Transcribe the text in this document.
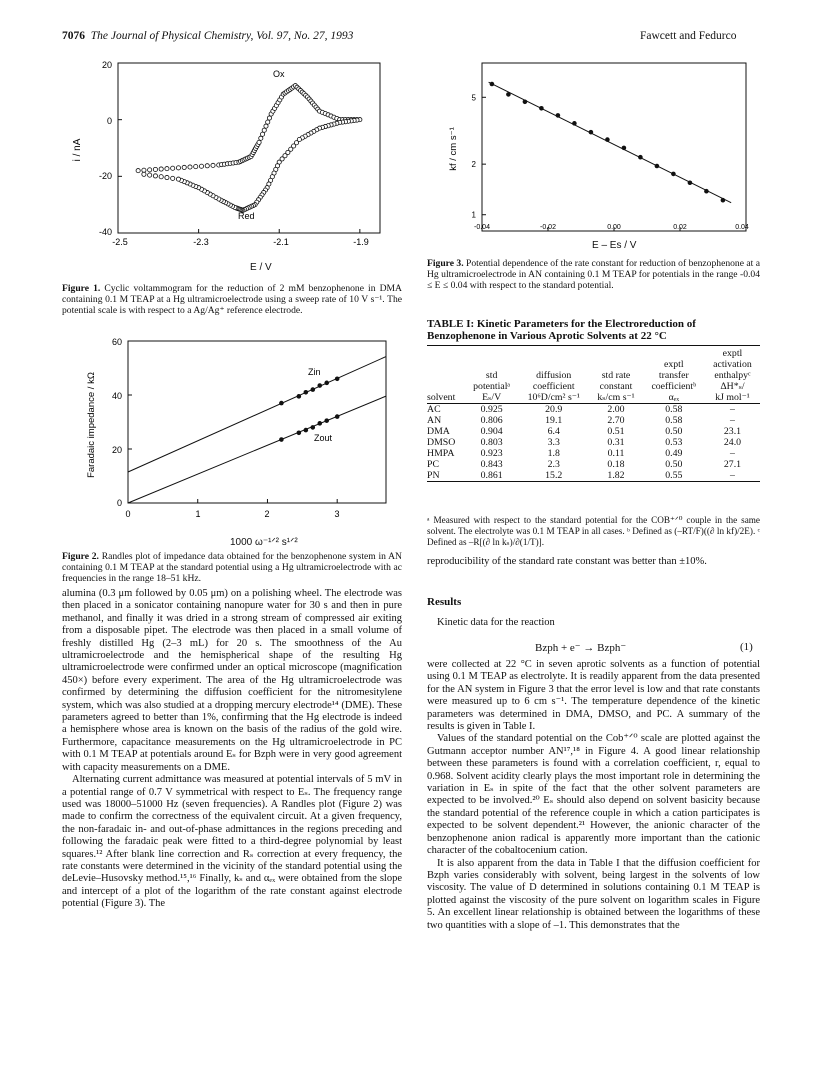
7076 The Journal of Physical Chemistry, Vol. 97, No. 27, 1993	Fawcett and Fedurco
i / nA
Ox
Red
-2.5	-2.3	-2.1	-1.9
20
0
-20
-40
E / V
Figure 1. Cyclic voltammogram for the reduction of 2 mM benzophenone in DMA containing 0.1 M TEAP at a Hg ultramicroelectrode using a sweep rate of 10 V s⁻¹. The potential scale is with respect to a Ag/Ag⁺ reference electrode.
Faradaic impedance / kΩ
Zin
Zout
0	1	2	3
60
40
20
0
1000 ω⁻¹ᐟ² s¹ᐟ²
Figure 2. Randles plot of impedance data obtained for the benzophenone system in AN containing 0.1 M TEAP at the standard potential using a Hg ultramicroelectrode with ac frequencies in the range 18–51 kHz.

alumina (0.3 μm followed by 0.05 μm) on a polishing wheel. The electrode was then placed in a sonicator containing nanopure water for 30 s and then in pure methanol, and finally it was dried in a strong stream of compressed air exiting from a disposable pipet. The electrode was then placed in a small volume of freshly distilled Hg (2–3 mL) for 20 s. The smoothness of the Au ultramicroelectrode and the hemispherical shape of the resulting Hg ultramicroelectrode were confirmed under an optical microscope (magnification 450×) before every experiment. The area of the Hg ultramicroelectrode was confirmed by determining the diffusion coefficient for the nitromesitylene system, which was also studied at a dropping mercury electrode¹⁴ (DME). These parameters agreed to better than 1%, confirming that the Hg electrode is indeed a hemisphere whose area is known on the basis of the radius of the gold wire. Furthermore, capacitance measurements on the Hg ultramicroelectrode in PC with 0.1 M TEAP at potentials around Eₛ for Bzph were in very good agreement with capacity measurements on a DME.

Alternating current admittance was measured at potential intervals of 5 mV in a potential range of 0.7 V symmetrical with respect to Eₛ. The frequency range used was 18000–51000 Hz (seven frequencies). A Randles plot (Figure 2) was made to confirm the correctness of the equivalent circuit. At a given frequency, the non-faradaic in- and out-of-phase admittances in the regions preceding and following the faradaic peak were fitted to a third-degree polynomial by least squares.¹² After blank line correction and Rₛ correction at every frequency, the rate constants were determined in the vicinity of the standard potential using the deLevie–Husovsky method.¹⁵,¹⁶ Finally, kₛ and αₑₓ were obtained from the slope and intercept of a plot of the logarithm of the rate constant against electrode potential (Figure 3). The

kf / cm s⁻¹
-0.04	-0.02	0.00	0.02	0.04
5
2
1
E – Es / V
Figure 3. Potential dependence of the rate constant for reduction of benzophenone at a Hg ultramicroelectrode in AN containing 0.1 M TEAP for potentials in the range -0.04 ≤ E ≤ 0.04 with respect to the standard potential.
TABLE I: Kinetic Parameters for the Electroreduction of Benzophenone in Various Aprotic Solvents at 22 °C
					exptl
				exptl	activation
	std	diffusion	std rate	transfer	enthalpyᶜ
	potentialᵃ	coefficient	constant	coefficientᵇ	ΔH*ₛ/
solvent	Eₛ/V	10⁶D/cm² s⁻¹	kₛ/cm s⁻¹	αₑₓ	kJ mol⁻¹
AC	0.925	20.9	2.00	0.58	–
AN	0.806	19.1	2.70	0.58	–
DMA	0.904	6.4	0.51	0.50	23.1
DMSO	0.803	3.3	0.31	0.53	24.0
HMPA	0.923	1.8	0.11	0.49	–
PC	0.843	2.3	0.18	0.50	27.1
PN	0.861	15.2	1.82	0.55	–
ᵃ Measured with respect to the standard potential for the COB⁺ᐟ⁰ couple in the same solvent. The electrolyte was 0.1 M TEAP in all cases. ᵇ Defined as (–RT/F)((∂ ln kf)/2E). ᶜ Defined as –R[(∂ ln kₛ)/∂(1/T)].

reproducibility of the standard rate constant was better than ±10%.

Results

Kinetic data for the reaction

Bzph + e⁻ → Bzph⁻	(1)

were collected at 22 °C in seven aprotic solvents as a function of potential using 0.1 M TEAP as electrolyte. It is readily apparent from the data presented for the AN system in Figure 3 that the error level is low and that rate constants were measured up to 6 cm s⁻¹. The temperature dependence of the kinetic parameters was determined in DMA, DMSO, and PC. A summary of the results is given in Table I.

Values of the standard potential on the Cob⁺ᐟ⁰ scale are plotted against the Gutmann acceptor number AN¹⁷,¹⁸ in Figure 4. A good linear relationship between these parameters is found with a correlation coefficient, r, equal to 0.968. Solvent acidity clearly plays the most important role in determining the variation in Eₛ in spite of the fact that the other solvent parameters are expected to be involved.²⁰ Eₛ should also depend on solvent basicity because the standard potential of the reference couple in which a cation participates is expected to be solvent dependent.²¹ However, the anionic character of the benzophenone anion radical is apparently more important than the cationic character of the cobaltocenium cation.

It is also apparent from the data in Table I that the diffusion coefficient for Bzph varies considerably with solvent, being largest in the solvents of low viscosity. The value of D determined in solutions containing 0.1 M TEAP is plotted against the viscosity of the pure solvent on logarithm scales in Figure 5. An excellent linear relationship is obtained between the logarithms of these two quantities with a slope of –1. This demonstrates that the
